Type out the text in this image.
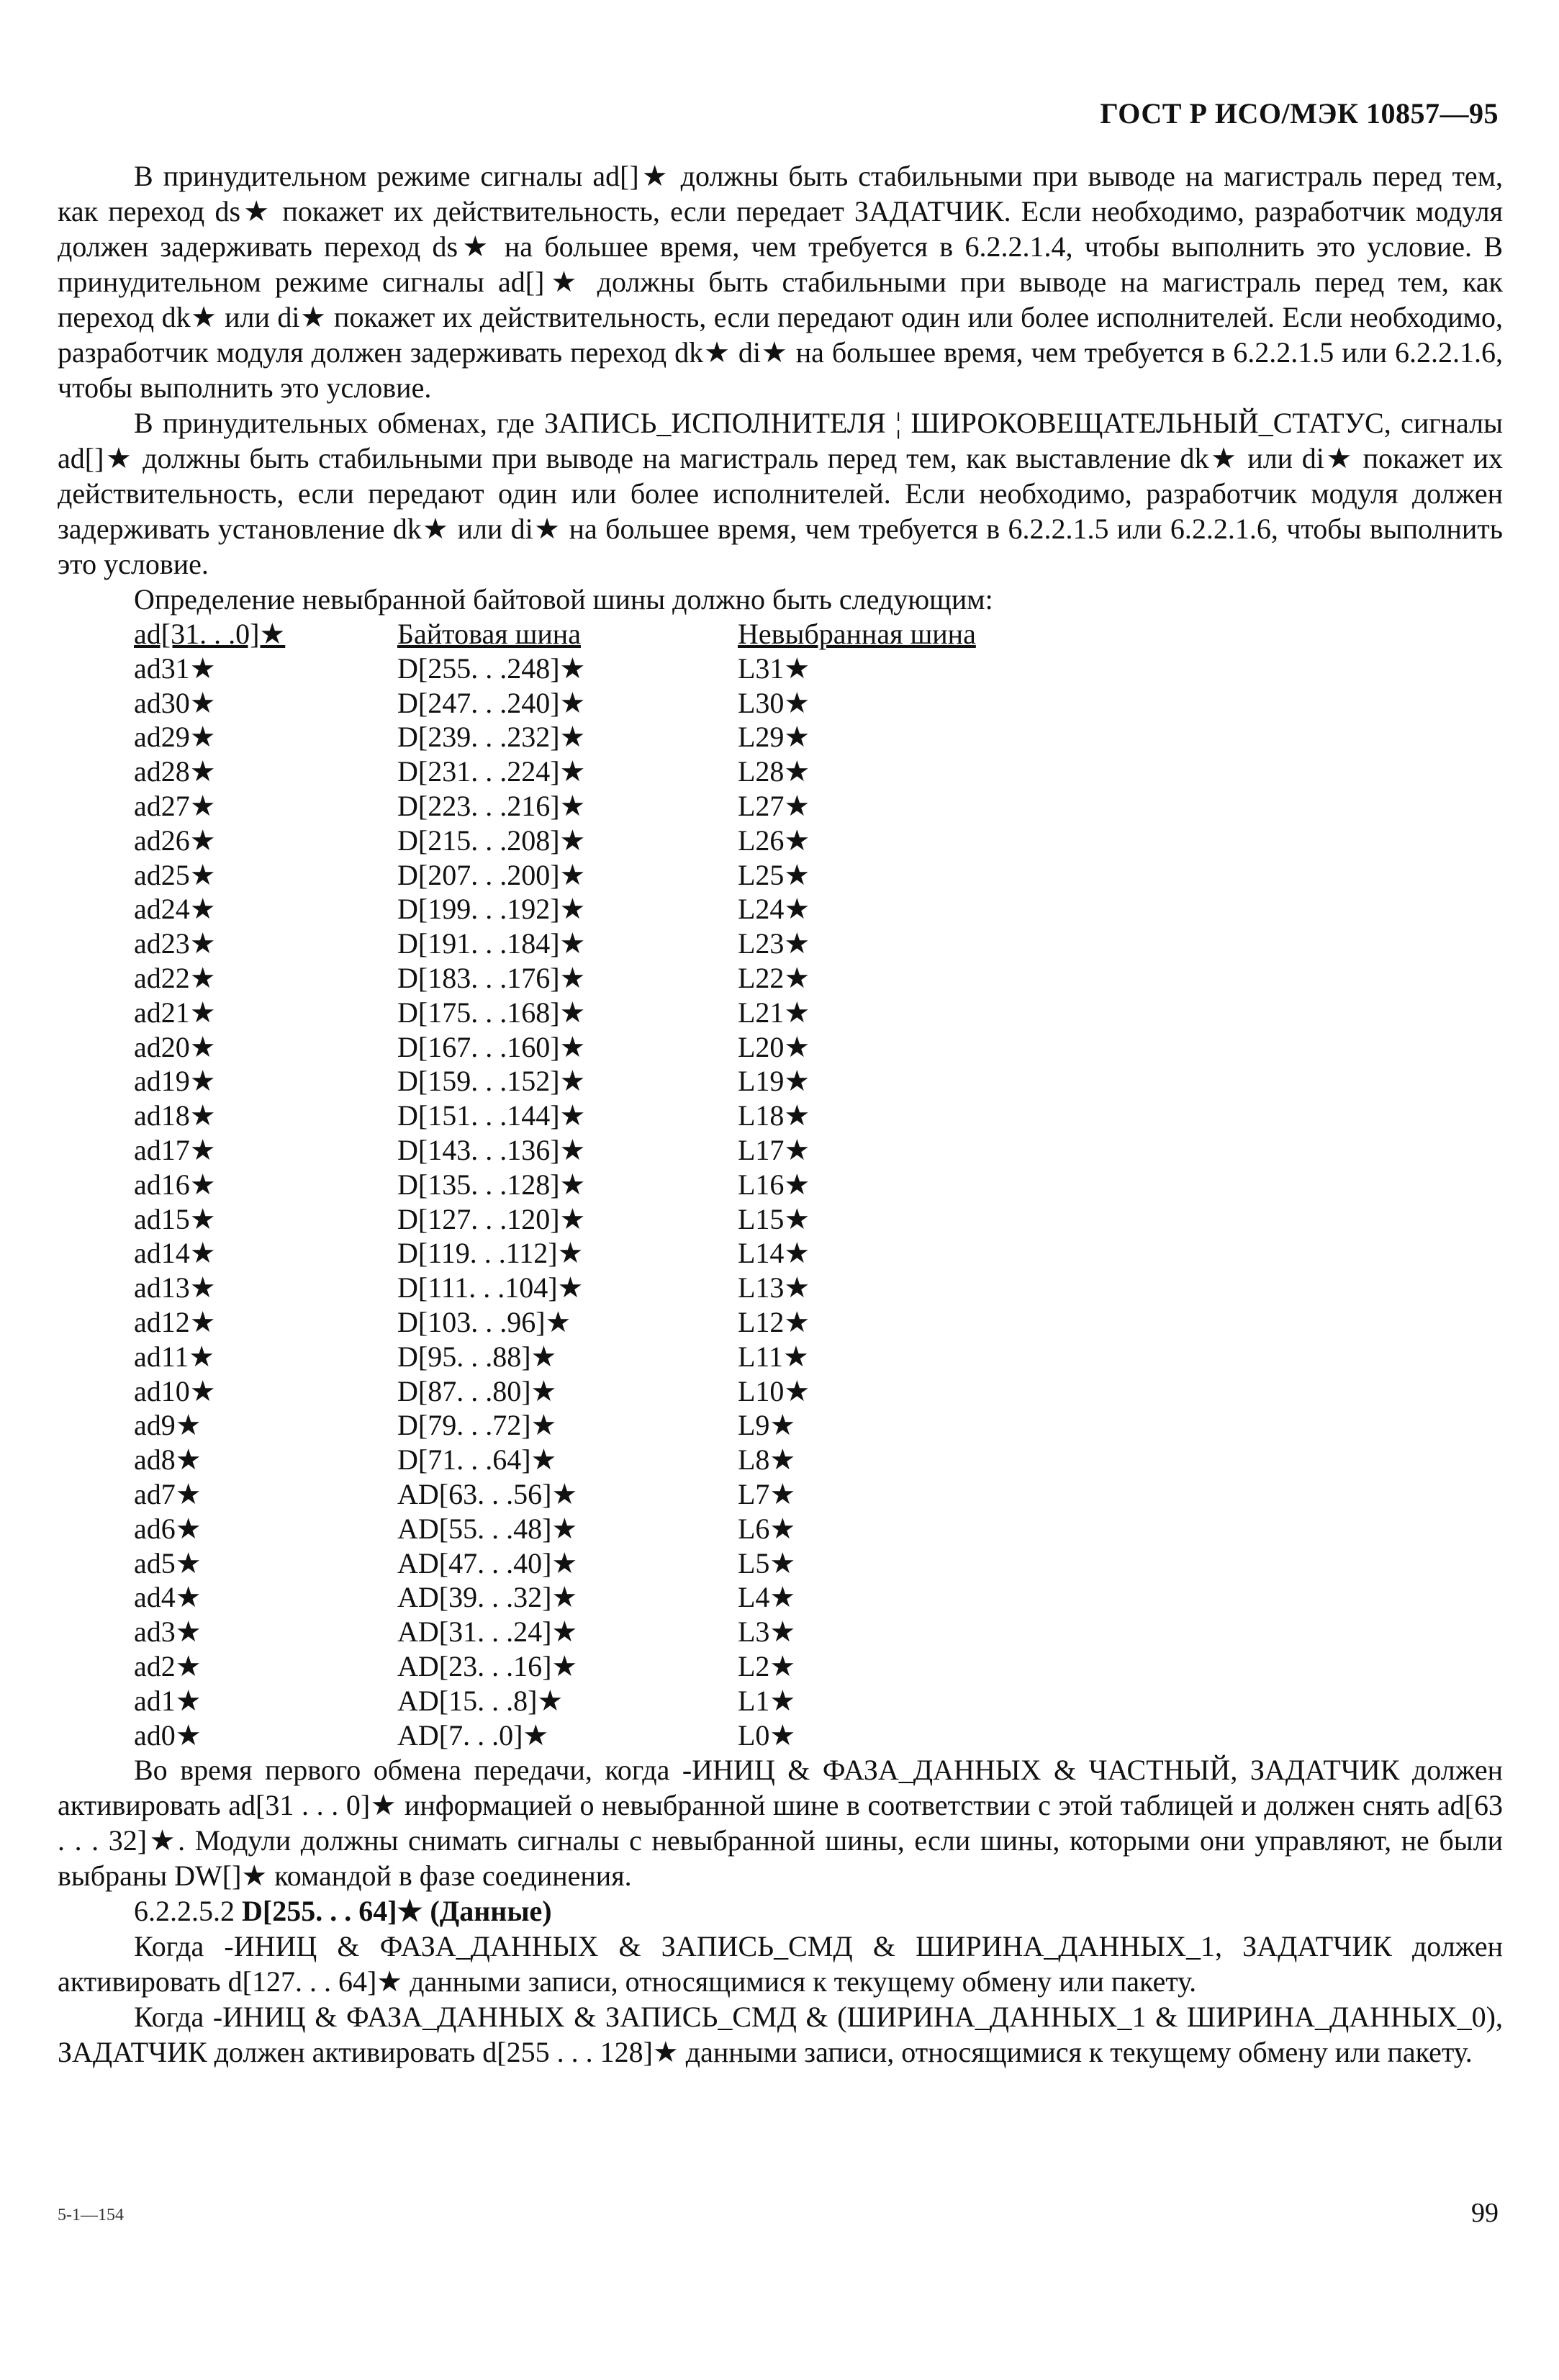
ГОСТ Р ИСО/МЭК 10857—95

В принудительном режиме сигналы ad[]★ должны быть стабильными при выводе на магистраль перед тем, как переход ds★ покажет их действительность, если передает ЗАДАТЧИК. Если необходимо, разработчик модуля должен задерживать переход ds★ на большее время, чем требуется в 6.2.2.1.4, чтобы выполнить это условие. В принудительном режиме сигналы ad[]★ должны быть стабильными при выводе на магистраль перед тем, как переход dk★ или di★ покажет их действительность, если передают один или более исполнителей. Если необходимо, разработчик модуля должен задерживать переход dk★ di★ на большее время, чем требуется в 6.2.2.1.5 или 6.2.2.1.6, чтобы выполнить это условие.

В принудительных обменах, где ЗАПИСЬ_ИСПОЛНИТЕЛЯ ¦ ШИРОКОВЕЩАТЕЛЬНЫЙ_СТАТУС, сигналы ad[]★ должны быть стабильными при выводе на магистраль перед тем, как выставление dk★ или di★ покажет их действительность, если передают один или более исполнителей. Если необходимо, разработчик модуля должен задерживать установление dk★ или di★ на большее время, чем требуется в 6.2.2.1.5 или 6.2.2.1.6, чтобы выполнить это условие.

Определение невыбранной байтовой шины должно быть следующим:

ad[31. . .0]★	Байтовая шина	Невыбранная шина
ad31★	D[255. . .248]★	L31★
ad30★	D[247. . .240]★	L30★
ad29★	D[239. . .232]★	L29★
ad28★	D[231. . .224]★	L28★
ad27★	D[223. . .216]★	L27★
ad26★	D[215. . .208]★	L26★
ad25★	D[207. . .200]★	L25★
ad24★	D[199. . .192]★	L24★
ad23★	D[191. . .184]★	L23★
ad22★	D[183. . .176]★	L22★
ad21★	D[175. . .168]★	L21★
ad20★	D[167. . .160]★	L20★
ad19★	D[159. . .152]★	L19★
ad18★	D[151. . .144]★	L18★
ad17★	D[143. . .136]★	L17★
ad16★	D[135. . .128]★	L16★
ad15★	D[127. . .120]★	L15★
ad14★	D[119. . .112]★	L14★
ad13★	D[111. . .104]★	L13★
ad12★	D[103. . .96]★	L12★
ad11★	D[95. . .88]★	L11★
ad10★	D[87. . .80]★	L10★
ad9★	D[79. . .72]★	L9★
ad8★	D[71. . .64]★	L8★
ad7★	AD[63. . .56]★	L7★
ad6★	AD[55. . .48]★	L6★
ad5★	AD[47. . .40]★	L5★
ad4★	AD[39. . .32]★	L4★
ad3★	AD[31. . .24]★	L3★
ad2★	AD[23. . .16]★	L2★
ad1★	AD[15. . .8]★	L1★
ad0★	AD[7. . .0]★	L0★

Во время первого обмена передачи, когда -ИНИЦ & ФАЗА_ДАННЫХ & ЧАСТНЫЙ, ЗАДАТЧИК должен активировать ad[31 . . . 0]★ информацией о невыбранной шине в соответствии с этой таблицей и должен снять ad[63 . . . 32]★. Модули должны снимать сигналы с невыбранной шины, если шины, которыми они управляют, не были выбраны DW[]★ командой в фазе соединения.

6.2.2.5.2 D[255. . . 64]★ (Данные)

Когда -ИНИЦ & ФАЗА_ДАННЫХ & ЗАПИСЬ_СМД & ШИРИНА_ДАННЫХ_1, ЗАДАТЧИК должен активировать d[127. . . 64]★ данными записи, относящимися к текущему обмену или пакету.

Когда -ИНИЦ & ФАЗА_ДАННЫХ & ЗАПИСЬ_СМД & (ШИРИНА_ДАННЫХ_1 & ШИРИНА_ДАННЫХ_0), ЗАДАТЧИК должен активировать d[255 . . . 128]★ данными записи, относящимися к текущему обмену или пакету.

5-1—154	99
